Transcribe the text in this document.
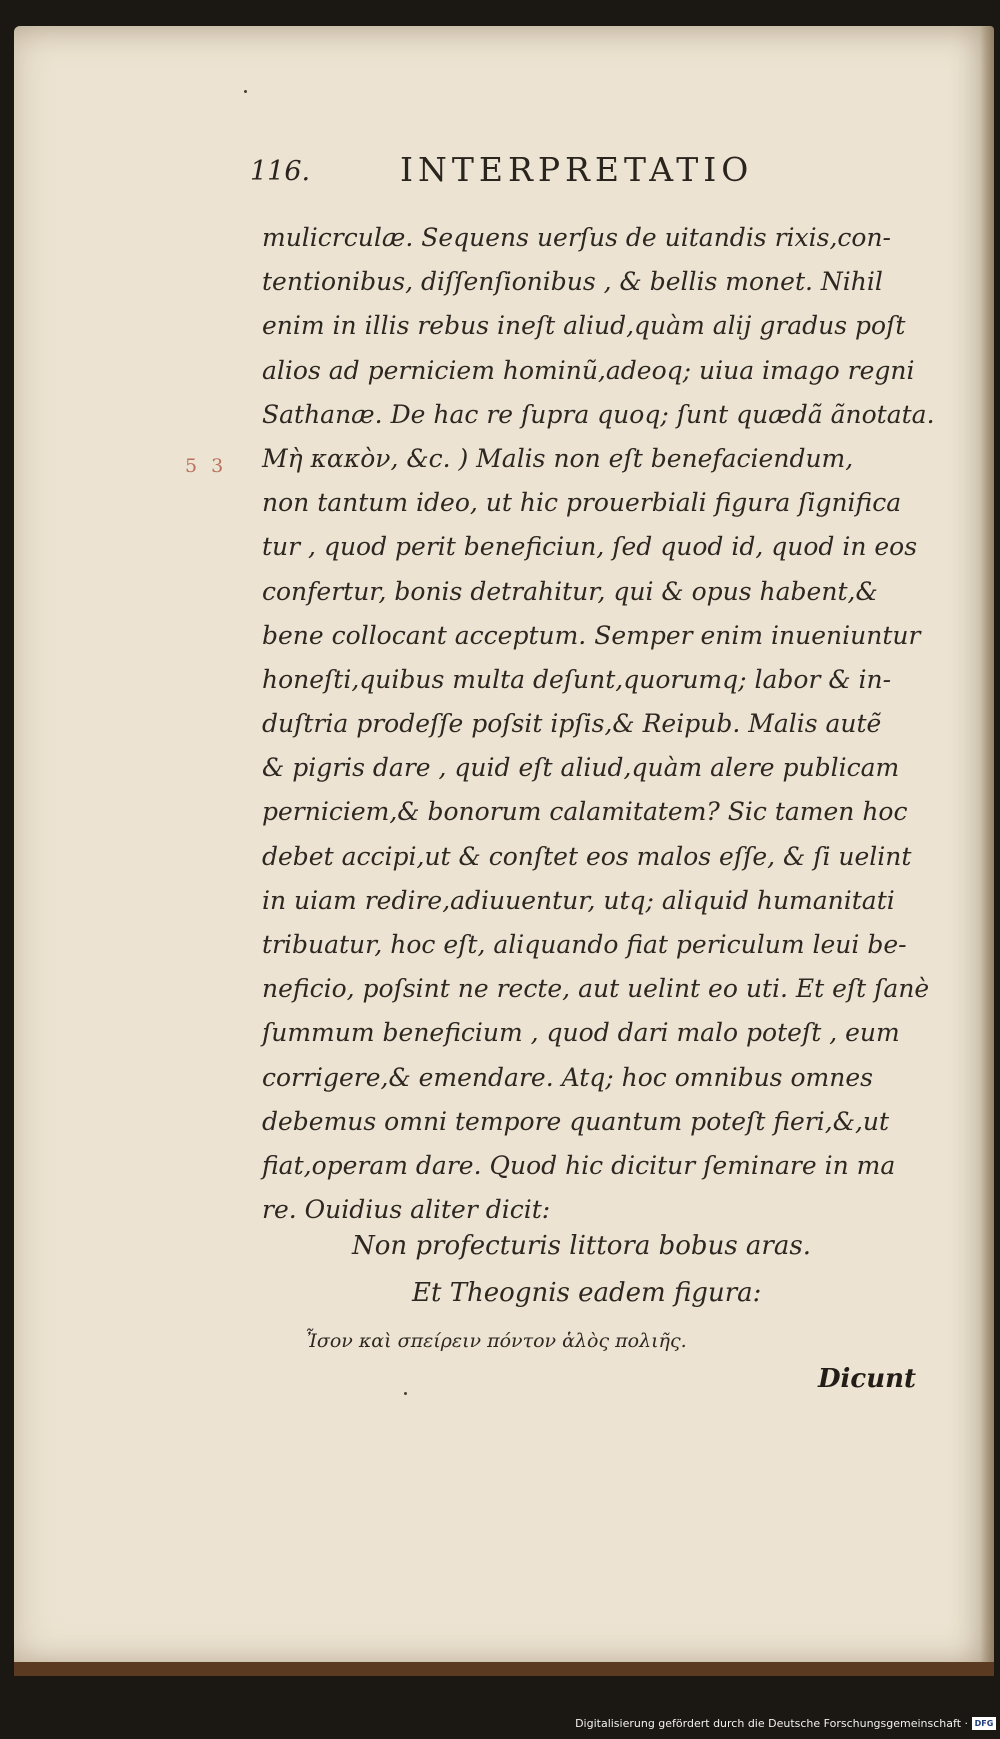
116.	INTERPRETATIO
5 3
mulicrculæ. Sequens uerſus de uitandis rixis,con-
tentionibus, diſſenſionibus , & bellis monet. Nihil
enim in illis rebus ineſt aliud,quàm alij gradus poſt
alios ad perniciem hominũ,adeoq; uiua imago regni
Sathanæ. De hac re ſupra quoq; ſunt quædã ãnotata.
Μὴ κακὸν, &c. ) Malis non eſt benefaciendum,
non tantum ideo, ut hic prouerbiali figura ſignifica
tur , quod perit beneficiun, ſed quod id, quod in eos
confertur, bonis detrahitur, qui & opus habent,&
bene collocant acceptum. Semper enim inueniuntur
honeſti,quibus multa deſunt,quorumq; labor & in-
duſtria prodeſſe poſsit ipſis,& Reipub. Malis autẽ
& pigris dare , quid eſt aliud,quàm alere publicam
perniciem,& bonorum calamitatem? Sic tamen hoc
debet accipi,ut & conſtet eos malos eſſe, & ſi uelint
in uiam redire,adiuuentur, utq; aliquid humanitati
tribuatur, hoc eſt, aliquando fiat periculum leui be-
neficio, poſsint ne recte, aut uelint eo uti. Et eſt ſanè
ſummum beneficium , quod dari malo poteſt , eum
corrigere,& emendare. Atq; hoc omnibus omnes
debemus omni tempore quantum poteſt fieri,&,ut
fiat,operam dare. Quod hic dicitur ſeminare in ma
re. Ouidius aliter dicit:
Non profecturis littora bobus aras.
Et Theognis eadem figura:
Ἶσον καὶ σπείρειν πόντον ἁλὸς πολιῆς.
Dicunt
Digitalisierung gefördert durch die Deutsche Forschungsgemeinschaft · DFG
